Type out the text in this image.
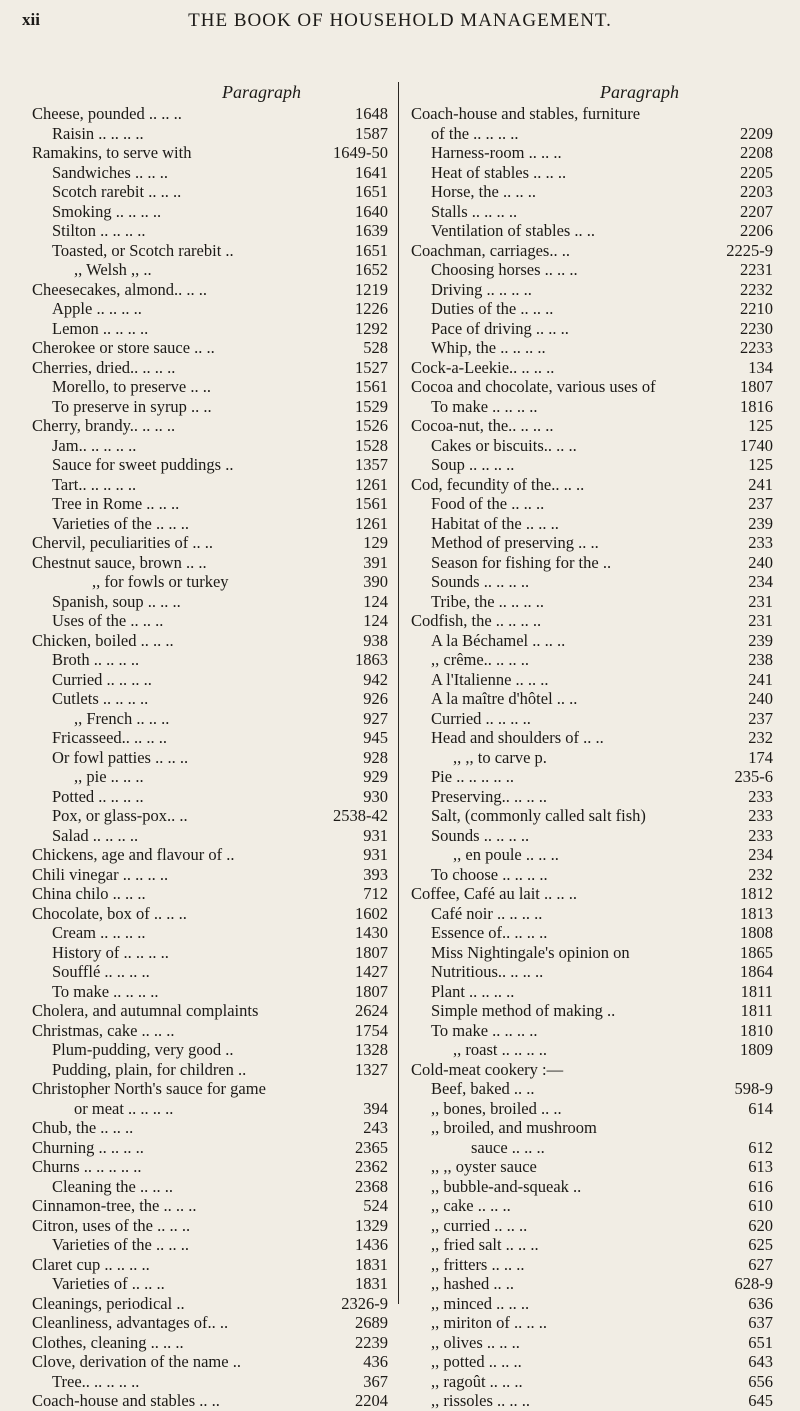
xii	THE BOOK OF HOUSEHOLD MANAGEMENT.
Paragraph	Paragraph
Cheese, pounded .. .. ..	1648
Raisin .. .. .. ..	1587
Ramakins, to serve with	1649-50
Sandwiches .. .. ..	1641
Scotch rarebit .. .. ..	1651
Smoking .. .. .. ..	1640
Stilton .. .. .. ..	1639
Toasted, or Scotch rarebit ..	1651
,, Welsh ,, ..	1652
Cheesecakes, almond.. .. ..	1219
Apple .. .. .. ..	1226
Lemon .. .. .. ..	1292
Cherokee or store sauce .. ..	528
Cherries, dried.. .. .. ..	1527
Morello, to preserve .. ..	1561
To preserve in syrup .. ..	1529
Cherry, brandy.. .. .. ..	1526
Jam.. .. .. .. ..	1528
Sauce for sweet puddings ..	1357
Tart.. .. .. .. ..	1261
Tree in Rome .. .. ..	1561
Varieties of the .. .. ..	1261
Chervil, peculiarities of .. ..	129
Chestnut sauce, brown .. ..	391
,, for fowls or turkey	390
Spanish, soup .. .. ..	124
Uses of the .. .. ..	124
Chicken, boiled .. .. ..	938
Broth .. .. .. ..	1863
Curried .. .. .. ..	942
Cutlets .. .. .. ..	926
,, French .. .. ..	927
Fricasseed.. .. .. ..	945
Or fowl patties .. .. ..	928
,, pie .. .. ..	929
Potted .. .. .. ..	930
Pox, or glass-pox.. ..	2538-42
Salad .. .. .. ..	931
Chickens, age and flavour of ..	931
Chili vinegar .. .. .. ..	393
China chilo .. .. ..	712
Chocolate, box of .. .. ..	1602
Cream .. .. .. ..	1430
History of .. .. .. ..	1807
Soufflé .. .. .. ..	1427
To make .. .. .. ..	1807
Cholera, and autumnal complaints	2624
Christmas, cake .. .. ..	1754
Plum-pudding, very good ..	1328
Pudding, plain, for children ..	1327
Christopher North's sauce for game
or meat .. .. .. ..	394
Chub, the .. .. ..	243
Churning .. .. .. ..	2365
Churns .. .. .. .. ..	2362
Cleaning the .. .. ..	2368
Cinnamon-tree, the .. .. ..	524
Citron, uses of the .. .. ..	1329
Varieties of the .. .. ..	1436
Claret cup .. .. .. ..	1831
Varieties of .. .. ..	1831
Cleanings, periodical ..	2326-9
Cleanliness, advantages of.. ..	2689
Clothes, cleaning .. .. ..	2239
Clove, derivation of the name ..	436
Tree.. .. .. .. ..	367
Coach-house and stables .. ..	2204
Coach-house and stables, furniture
of the .. .. .. ..	2209
Harness-room .. .. ..	2208
Heat of stables .. .. ..	2205
Horse, the .. .. ..	2203
Stalls .. .. .. ..	2207
Ventilation of stables .. ..	2206
Coachman, carriages.. ..	2225-9
Choosing horses .. .. ..	2231
Driving .. .. .. ..	2232
Duties of the .. .. ..	2210
Pace of driving .. .. ..	2230
Whip, the .. .. .. ..	2233
Cock-a-Leekie.. .. .. ..	134
Cocoa and chocolate, various uses of	1807
To make .. .. .. ..	1816
Cocoa-nut, the.. .. .. ..	125
Cakes or biscuits.. .. ..	1740
Soup .. .. .. ..	125
Cod, fecundity of the.. .. ..	241
Food of the .. .. ..	237
Habitat of the .. .. ..	239
Method of preserving .. ..	233
Season for fishing for the ..	240
Sounds .. .. .. ..	234
Tribe, the .. .. .. ..	231
Codfish, the .. .. .. ..	231
A la Béchamel .. .. ..	239
,, crême.. .. .. ..	238
A l'Italienne .. .. ..	241
A la maître d'hôtel .. ..	240
Curried .. .. .. ..	237
Head and shoulders of .. ..	232
,, ,, to carve p.	174
Pie .. .. .. .. ..	235-6
Preserving.. .. .. ..	233
Salt, (commonly called salt fish)	233
Sounds .. .. .. ..	233
,, en poule .. .. ..	234
To choose .. .. .. ..	232
Coffee, Café au lait .. .. ..	1812
Café noir .. .. .. ..	1813
Essence of.. .. .. ..	1808
Miss Nightingale's opinion on	1865
Nutritious.. .. .. ..	1864
Plant .. .. .. ..	1811
Simple method of making ..	1811
To make .. .. .. ..	1810
,, roast .. .. .. ..	1809
Cold-meat cookery :—
Beef, baked .. ..	598-9
,, bones, broiled .. ..	614
,, broiled, and mushroom
sauce .. .. ..	612
,, ,, oyster sauce	613
,, bubble-and-squeak ..	616
,, cake .. .. ..	610
,, curried .. .. ..	620
,, fried salt .. .. ..	625
,, fritters .. .. ..	627
,, hashed .. ..	628-9
,, minced .. .. ..	636
,, miriton of .. .. ..	637
,, olives .. .. ..	651
,, potted .. .. ..	643
,, ragoût .. .. ..	656
,, rissoles .. .. ..	645
